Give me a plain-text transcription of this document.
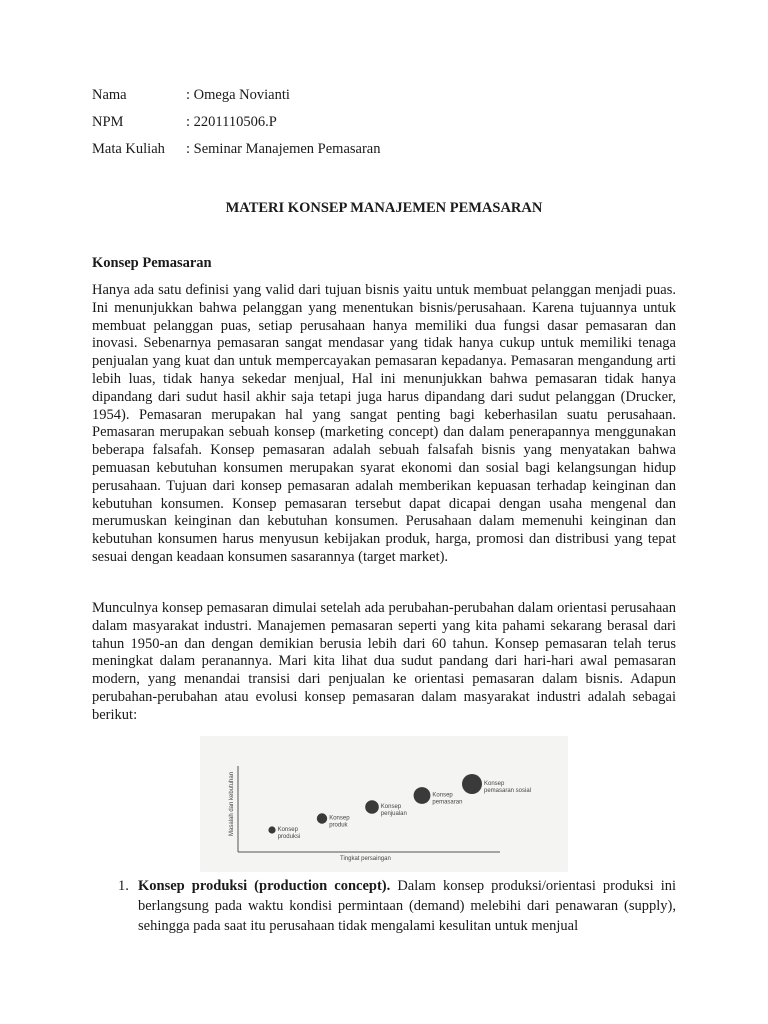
Nama	: Omega Novianti
NPM	: 2201110506.P
Mata Kuliah	: Seminar Manajemen Pemasaran
MATERI KONSEP MANAJEMEN PEMASARAN
Konsep Pemasaran

Hanya ada satu definisi yang valid dari tujuan bisnis yaitu untuk membuat pelanggan menjadi puas. Ini menunjukkan bahwa pelanggan yang menentukan bisnis/perusahaan. Karena tujuannya untuk membuat pelanggan puas, setiap perusahaan hanya memiliki dua fungsi dasar pemasaran dan inovasi. Sebenarnya pemasaran sangat mendasar yang tidak hanya cukup untuk memiliki tenaga penjualan yang kuat dan untuk mempercayakan pemasaran kepadanya. Pemasaran mengandung arti lebih luas, tidak hanya sekedar menjual, Hal ini menunjukkan bahwa pemasaran tidak hanya dipandang dari sudut hasil akhir saja tetapi juga harus dipandang dari sudut pelanggan (Drucker, 1954). Pemasaran merupakan hal yang sangat penting bagi keberhasilan suatu perusahaan. Pemasaran merupakan sebuah konsep (marketing concept) dan dalam penerapannya menggunakan beberapa falsafah. Konsep pemasaran adalah sebuah falsafah bisnis yang menyatakan bahwa pemuasan kebutuhan konsumen merupakan syarat ekonomi dan sosial bagi kelangsungan hidup perusahaan. Tujuan dari konsep pemasaran adalah memberikan kepuasan terhadap keinginan dan kebutuhan konsumen. Konsep pemasaran tersebut dapat dicapai dengan usaha mengenal dan merumuskan keinginan dan kebutuhan konsumen. Perusahaan dalam memenuhi keinginan dan kebutuhan konsumen harus menyusun kebijakan produk, harga, promosi dan distribusi yang tepat sesuai dengan keadaan konsumen sasarannya (target market).

Munculnya konsep pemasaran dimulai setelah ada perubahan-perubahan dalam orientasi perusahaan dalam masyarakat industri. Manajemen pemasaran seperti yang kita pahami sekarang berasal dari tahun 1950-an dan dengan demikian berusia lebih dari 60 tahun. Konsep pemasaran telah terus meningkat dalam peranannya. Mari kita lihat dua sudut pandang dari hari-hari awal pemasaran modern, yang menandai transisi dari penjualan ke orientasi pemasaran dalam bisnis. Adapun perubahan-perubahan atau evolusi konsep pemasaran dalam masyarakat industri adalah sebagai berikut:

Masalah dan kebutuhan
Tingkat persaingan
Konsep
produksi
Konsep
produk
Konsep
penjualan
Konsep
pemasaran
Konsep
pemasaran sosial
1. Konsep produksi (production concept). Dalam konsep produksi/orientasi produksi ini berlangsung pada waktu kondisi permintaan (demand) melebihi dari penawaran (supply), sehingga pada saat itu perusahaan tidak mengalami kesulitan untuk menjual
